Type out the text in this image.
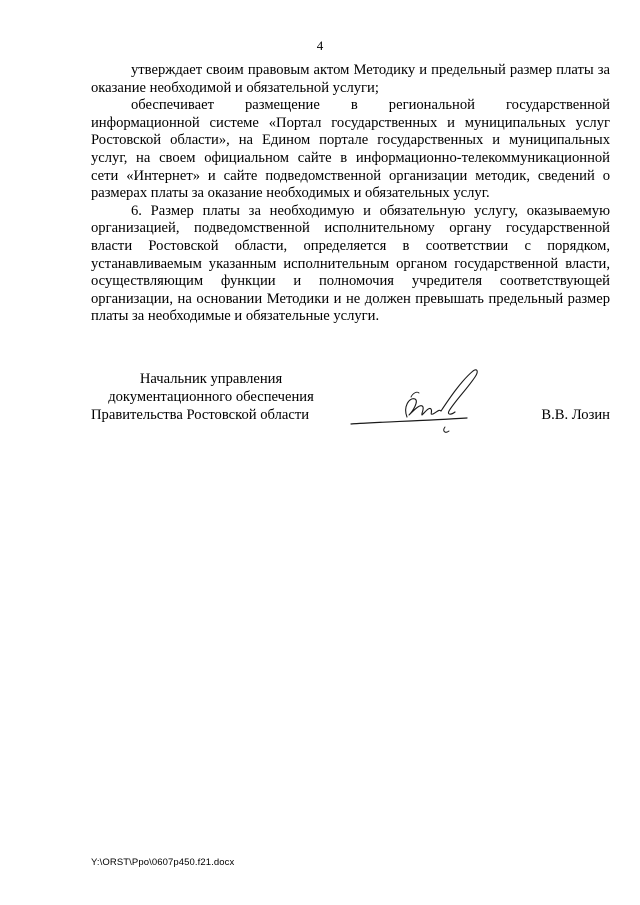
4

утверждает своим правовым актом Методику и предельный размер платы за оказание необходимой и обязательной услуги;

обеспечивает размещение в региональной государственной информационной системе «Портал государственных и муниципальных услуг Ростовской области», на Едином портале государственных и муниципальных услуг, на своем официальном сайте в информационно-телекоммуникационной сети «Интернет» и сайте подведомственной организации методик, сведений о размерах платы за оказание необходимых и обязательных услуг.

6. Размер платы за необходимую и обязательную услугу, оказываемую организацией, подведомственной исполнительному органу государственной власти Ростовской области, определяется в соответствии с порядком, устанавливаемым указанным исполнительным органом государственной власти, осуществляющим функции и полномочия учредителя соответствующей организации, на основании Методики и не должен превышать предельный размер платы за необходимые и обязательные услуги.

Начальник управления
документационного обеспечения
Правительства Ростовской области	В.В. Лозин
Y:\ORST\Ppo\0607p450.f21.docx
